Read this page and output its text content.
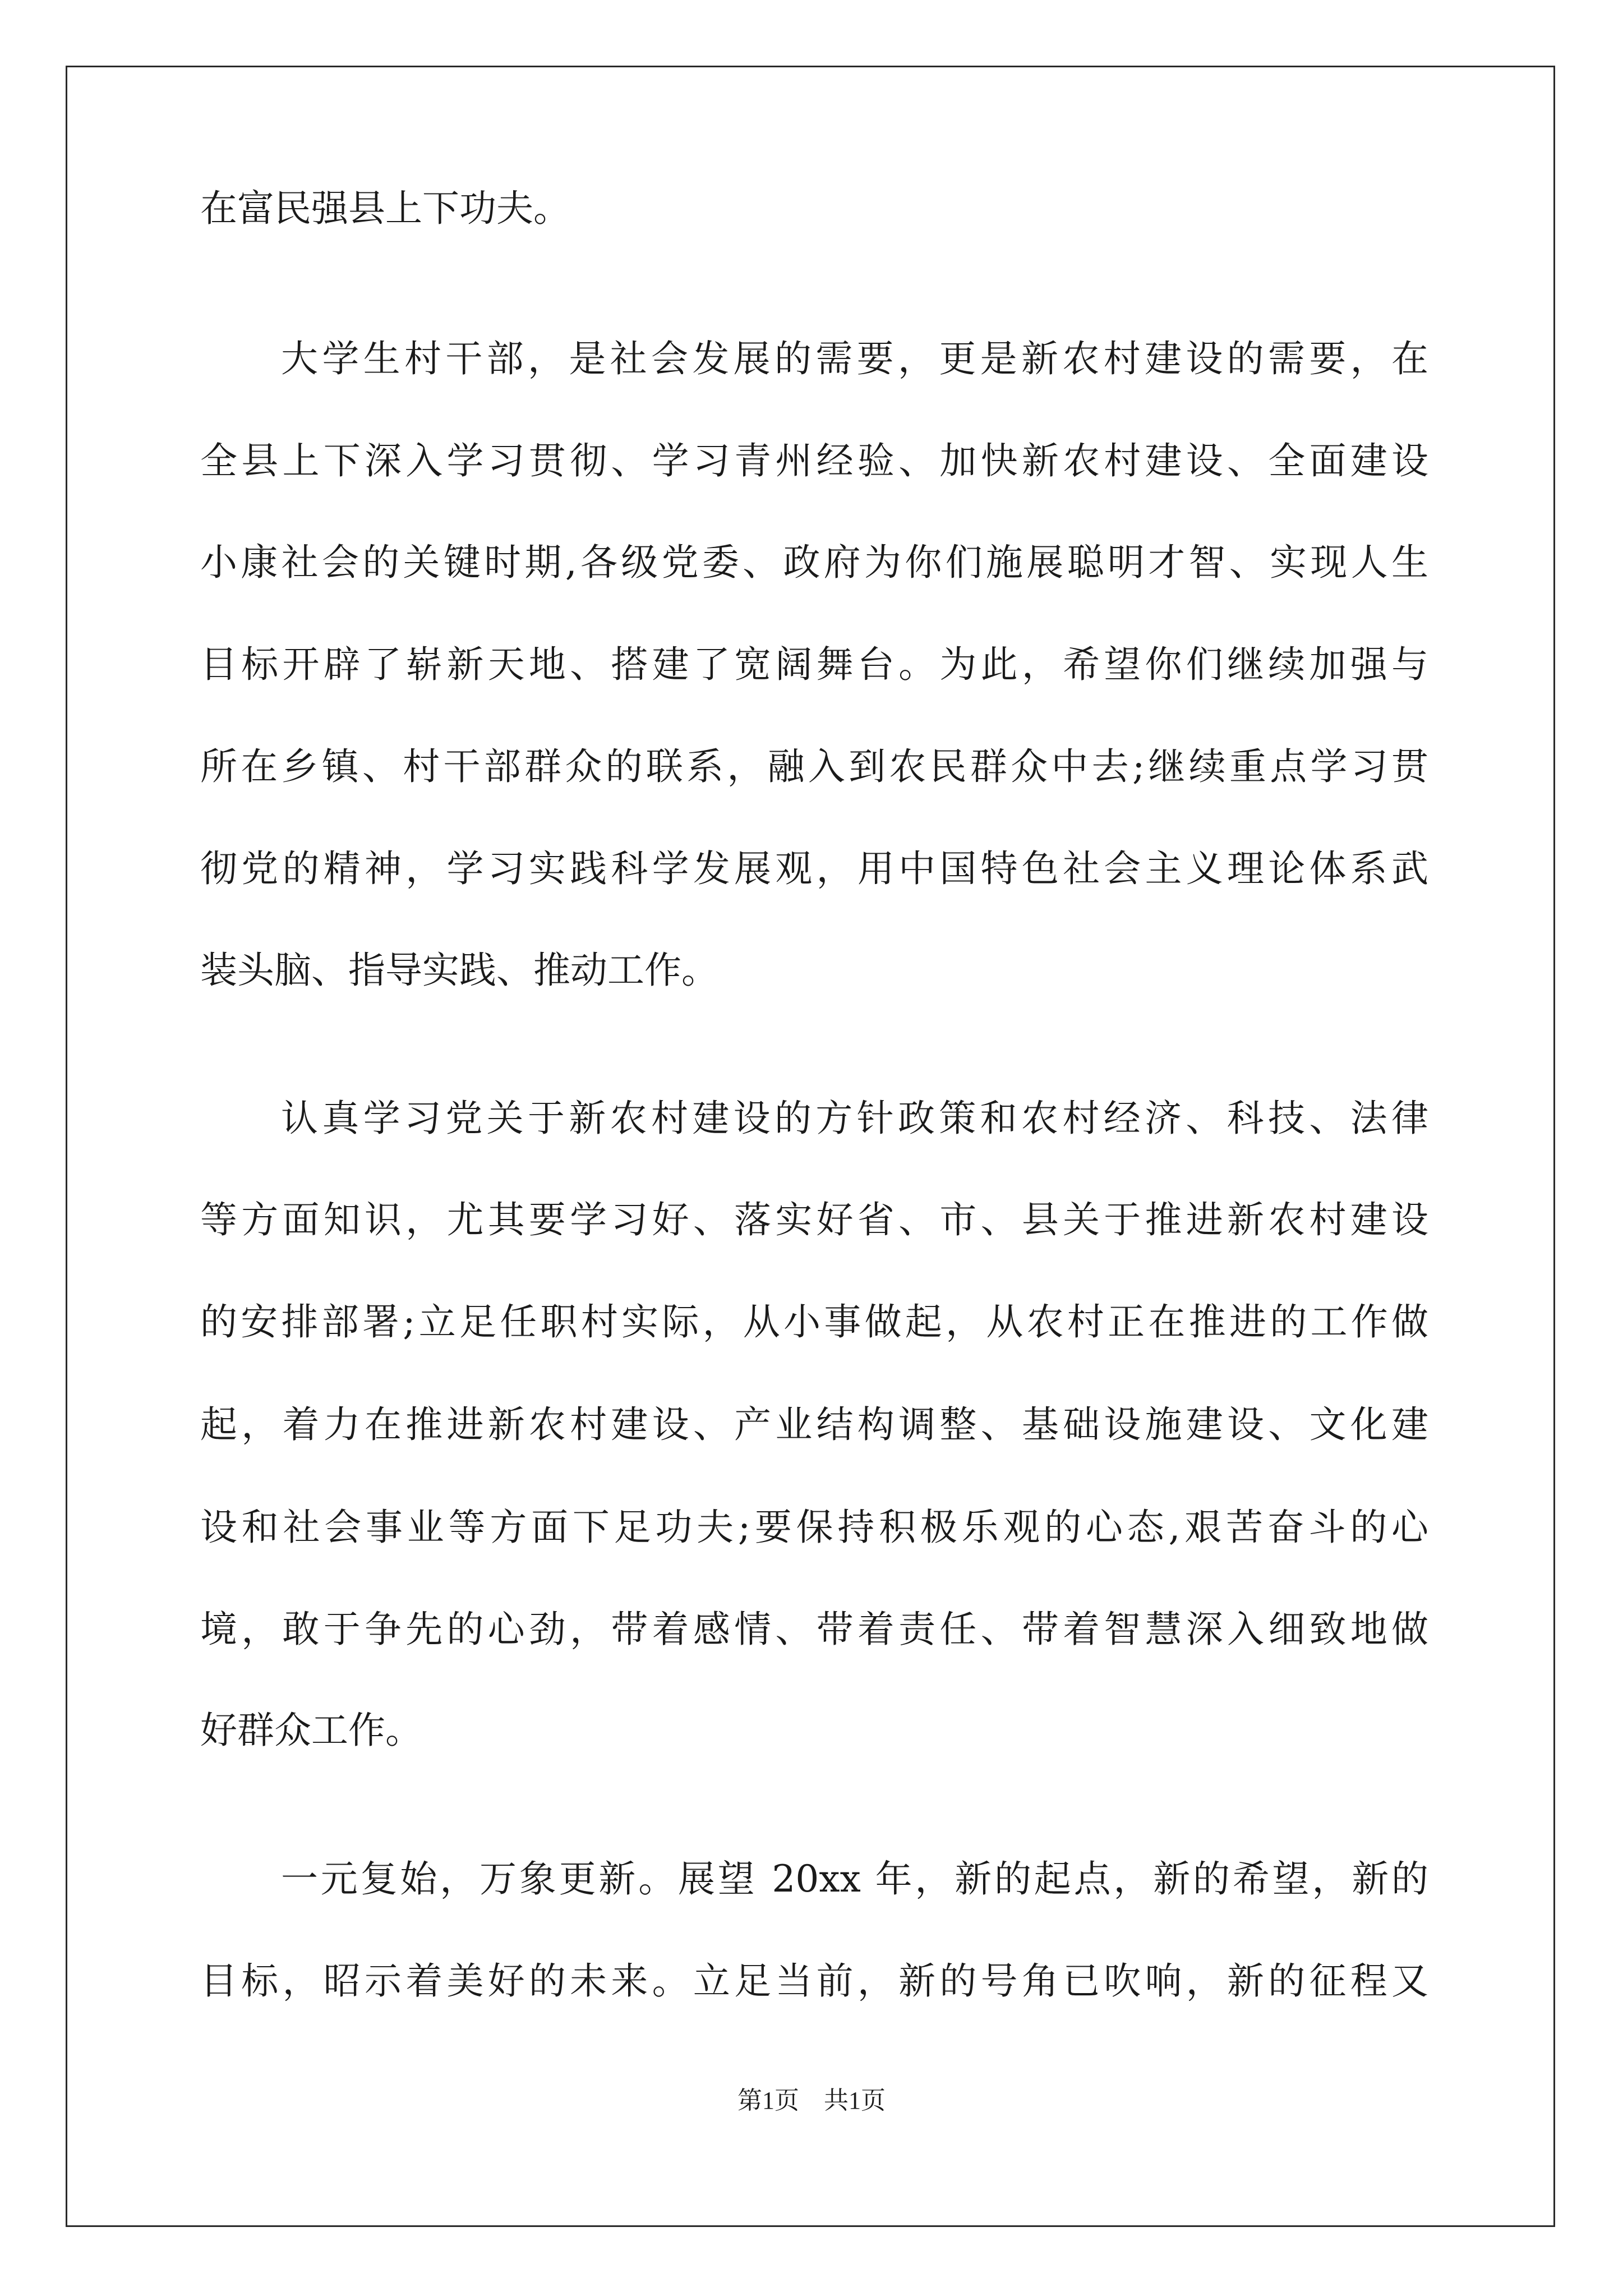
在富民强县上下功夫。
大学生村干部，是社会发展的需要，更是新农村建设的需要，在
全县上下深入学习贯彻、学习青州经验、加快新农村建设、全面建设
小康社会的关键时期,各级党委、政府为你们施展聪明才智、实现人生
目标开辟了崭新天地、搭建了宽阔舞台。为此，希望你们继续加强与
所在乡镇、村干部群众的联系，融入到农民群众中去;继续重点学习贯
彻党的精神，学习实践科学发展观，用中国特色社会主义理论体系武
装头脑、指导实践、推动工作。
认真学习党关于新农村建设的方针政策和农村经济、科技、法律
等方面知识，尤其要学习好、落实好省、市、县关于推进新农村建设
的安排部署;立足任职村实际，从小事做起，从农村正在推进的工作做
起，着力在推进新农村建设、产业结构调整、基础设施建设、文化建
设和社会事业等方面下足功夫;要保持积极乐观的心态,艰苦奋斗的心
境，敢于争先的心劲，带着感情、带着责任、带着智慧深入细致地做
好群众工作。
一元复始，万象更新。展望 20xx 年，新的起点，新的希望，新的
目标，昭示着美好的未来。立足当前，新的号角已吹响，新的征程又
第1页　共1页
